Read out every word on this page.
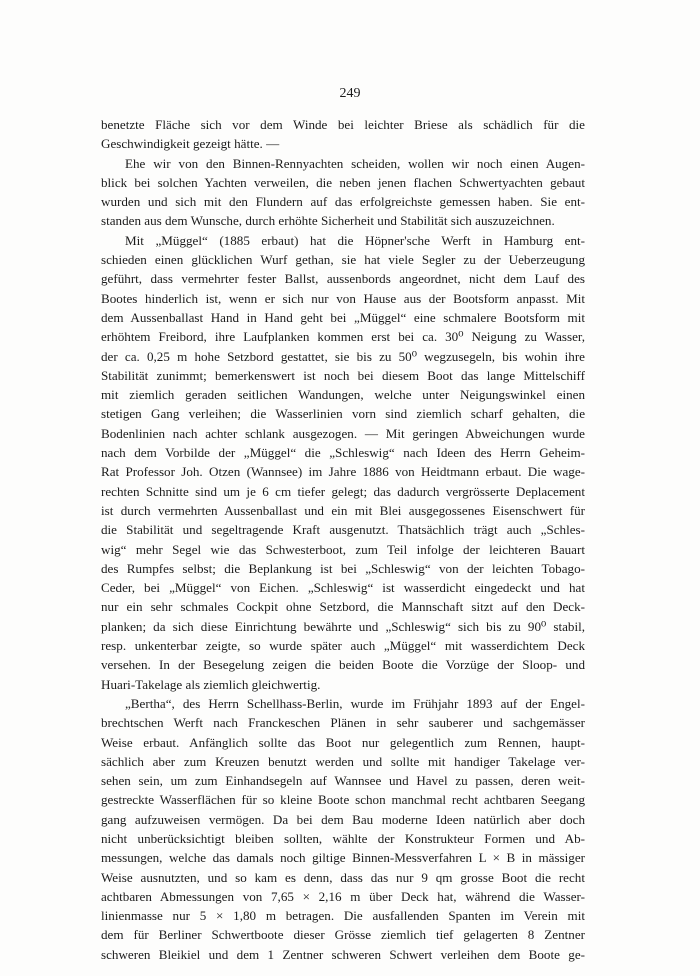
249
benetzte Fläche sich vor dem Winde bei leichter Briese als schädlich für die
Geschwindigkeit gezeigt hätte. —
Ehe wir von den Binnen-Rennyachten scheiden, wollen wir noch einen Augen-
blick bei solchen Yachten verweilen, die neben jenen flachen Schwertyachten gebaut
wurden und sich mit den Flundern auf das erfolgreichste gemessen haben. Sie ent-
standen aus dem Wunsche, durch erhöhte Sicherheit und Stabilität sich auszuzeichnen.
Mit „Müggel“ (1885 erbaut) hat die Höpner'sche Werft in Hamburg ent-
schieden einen glücklichen Wurf gethan, sie hat viele Segler zu der Ueberzeugung
geführt, dass vermehrter fester Ballst, aussenbords angeordnet, nicht dem Lauf des
Bootes hinderlich ist, wenn er sich nur von Hause aus der Bootsform anpasst. Mit
dem Aussenballast Hand in Hand geht bei „Müggel“ eine schmalere Bootsform mit
erhöhtem Freibord, ihre Laufplanken kommen erst bei ca. 30⁰ Neigung zu Wasser,
der ca. 0,25 m hohe Setzbord gestattet, sie bis zu 50⁰ wegzusegeln, bis wohin ihre
Stabilität zunimmt; bemerkenswert ist noch bei diesem Boot das lange Mittelschiff
mit ziemlich geraden seitlichen Wandungen, welche unter Neigungswinkel einen
stetigen Gang verleihen; die Wasserlinien vorn sind ziemlich scharf gehalten, die
Bodenlinien nach achter schlank ausgezogen. — Mit geringen Abweichungen wurde
nach dem Vorbilde der „Müggel“ die „Schleswig“ nach Ideen des Herrn Geheim-
Rat Professor Joh. Otzen (Wannsee) im Jahre 1886 von Heidtmann erbaut. Die wage-
rechten Schnitte sind um je 6 cm tiefer gelegt; das dadurch vergrösserte Deplacement
ist durch vermehrten Aussenballast und ein mit Blei ausgegossenes Eisenschwert für
die Stabilität und segeltragende Kraft ausgenutzt. Thatsächlich trägt auch „Schles-
wig“ mehr Segel wie das Schwesterboot, zum Teil infolge der leichteren Bauart
des Rumpfes selbst; die Beplankung ist bei „Schleswig“ von der leichten Tobago-
Ceder, bei „Müggel“ von Eichen. „Schleswig“ ist wasserdicht eingedeckt und hat
nur ein sehr schmales Cockpit ohne Setzbord, die Mannschaft sitzt auf den Deck-
planken; da sich diese Einrichtung bewährte und „Schleswig“ sich bis zu 90⁰ stabil,
resp. unkenterbar zeigte, so wurde später auch „Müggel“ mit wasserdichtem Deck
versehen. In der Besegelung zeigen die beiden Boote die Vorzüge der Sloop- und
Huari-Takelage als ziemlich gleichwertig.
„Bertha“, des Herrn Schellhass-Berlin, wurde im Frühjahr 1893 auf der Engel-
brechtschen Werft nach Franckeschen Plänen in sehr sauberer und sachgemässer
Weise erbaut. Anfänglich sollte das Boot nur gelegentlich zum Rennen, haupt-
sächlich aber zum Kreuzen benutzt werden und sollte mit handiger Takelage ver-
sehen sein, um zum Einhandsegeln auf Wannsee und Havel zu passen, deren weit-
gestreckte Wasserflächen für so kleine Boote schon manchmal recht achtbaren Seegang
gang aufzuweisen vermögen. Da bei dem Bau moderne Ideen natürlich aber doch
nicht unberücksichtigt bleiben sollten, wählte der Konstrukteur Formen und Ab-
messungen, welche das damals noch giltige Binnen-Messverfahren L × B in mässiger
Weise ausnutzten, und so kam es denn, dass das nur 9 qm grosse Boot die recht
achtbaren Abmessungen von 7,65 × 2,16 m über Deck hat, während die Wasser-
linienmasse nur 5 × 1,80 m betragen. Die ausfallenden Spanten im Verein mit
dem für Berliner Schwertboote dieser Grösse ziemlich tief gelagerten 8 Zentner
schweren Bleikiel und dem 1 Zentner schweren Schwert verleihen dem Boote ge-
